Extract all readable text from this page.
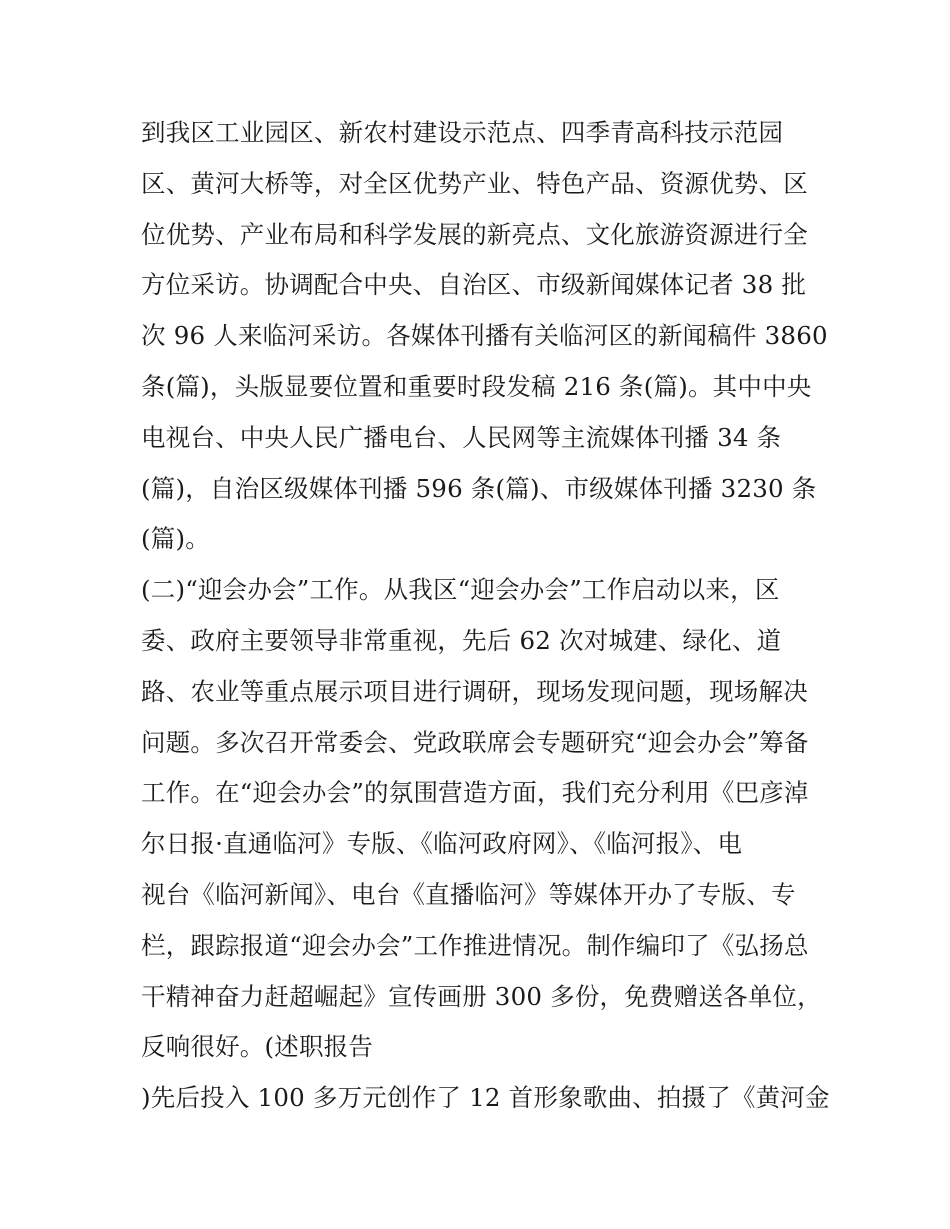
到我区工业园区、新农村建设示范点、四季青高科技示范园
区、黄河大桥等，对全区优势产业、特色产品、资源优势、区
位优势、产业布局和科学发展的新亮点、文化旅游资源进行全
方位采访。协调配合中央、自治区、市级新闻媒体记者 38 批
次 96 人来临河采访。各媒体刊播有关临河区的新闻稿件 3860
条(篇)，头版显要位置和重要时段发稿 216 条(篇)。其中中央
电视台、中央人民广播电台、人民网等主流媒体刊播 34 条
(篇)，自治区级媒体刊播 596 条(篇)、市级媒体刊播 3230 条
(篇)。
(二)“迎会办会”工作。从我区“迎会办会”工作启动以来，区
委、政府主要领导非常重视，先后 62 次对城建、绿化、道
路、农业等重点展示项目进行调研，现场发现问题，现场解决
问题。多次召开常委会、党政联席会专题研究“迎会办会”筹备
工作。在“迎会办会”的氛围营造方面，我们充分利用《巴彦淖
尔日报·直通临河》专版、《临河政府网》、《临河报》、电
视台《临河新闻》、电台《直播临河》等媒体开办了专版、专
栏，跟踪报道“迎会办会”工作推进情况。制作编印了《弘扬总
干精神奋力赶超崛起》宣传画册 300 多份，免费赠送各单位，
反响很好。(述职报告
)先后投入 100 多万元创作了 12 首形象歌曲、拍摄了《黄河金
